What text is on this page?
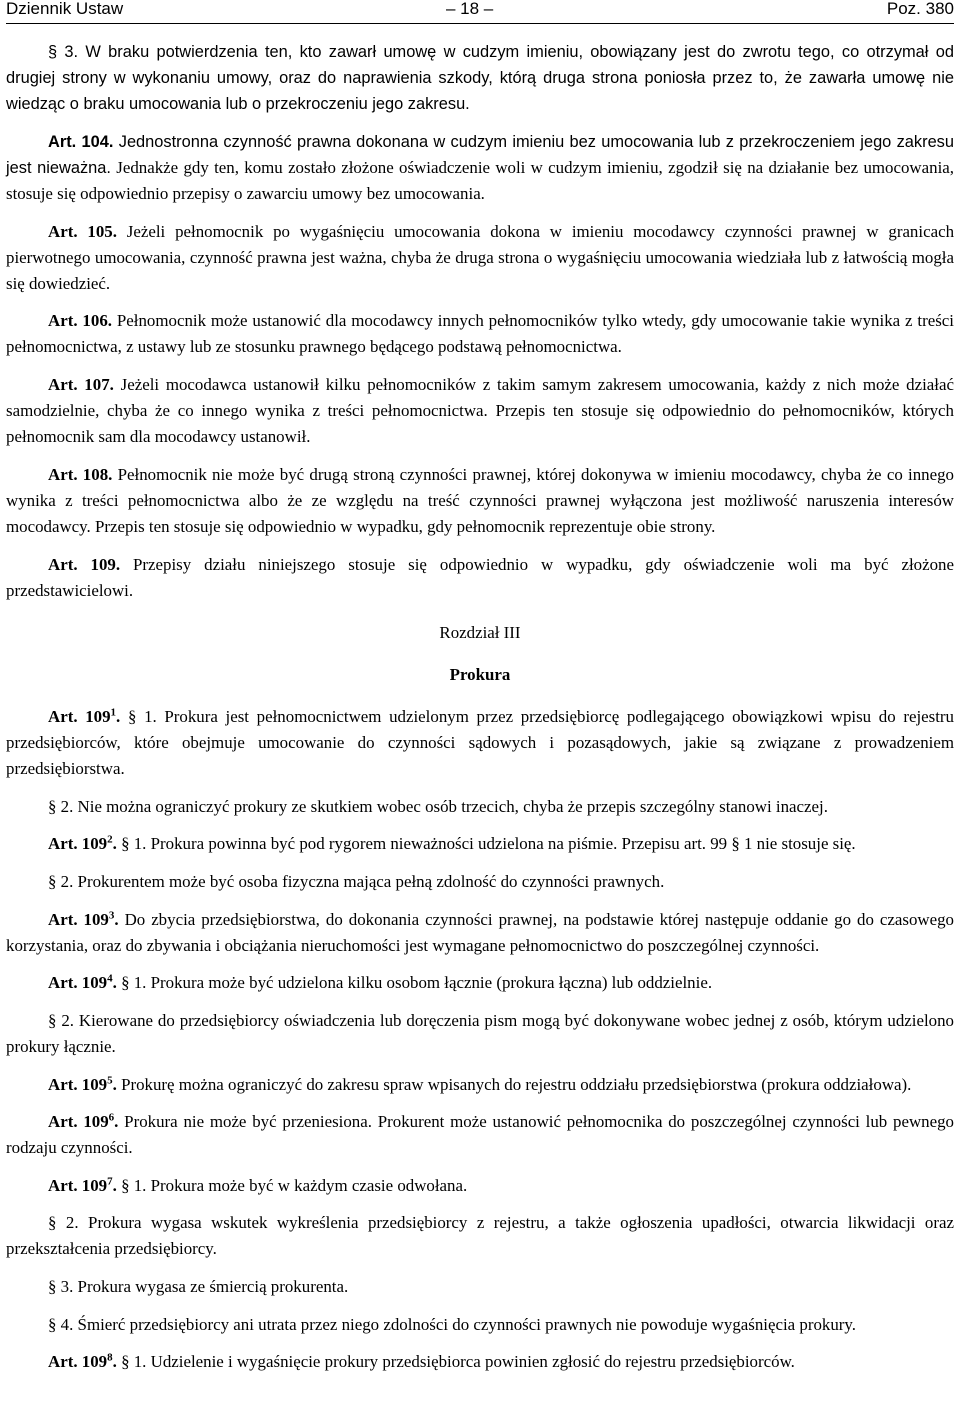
Dziennik Ustaw	– 18 –	Poz. 380

§ 3. W braku potwierdzenia ten, kto zawarł umowę w cudzym imieniu, obowiązany jest do zwrotu tego, co otrzymał od drugiej strony w wykonaniu umowy, oraz do naprawienia szkody, którą druga strona poniosła przez to, że zawarła umowę nie wiedząc o braku umocowania lub o przekroczeniu jego zakresu.

Art. 104. Jednostronna czynność prawna dokonana w cudzym imieniu bez umocowania lub z przekroczeniem jego zakresu jest nieważna. Jednakże gdy ten, komu zostało złożone oświadczenie woli w cudzym imieniu, zgodził się na działanie bez umocowania, stosuje się odpowiednio przepisy o zawarciu umowy bez umocowania.

Art. 105. Jeżeli pełnomocnik po wygaśnięciu umocowania dokona w imieniu mocodawcy czynności prawnej w granicach pierwotnego umocowania, czynność prawna jest ważna, chyba że druga strona o wygaśnięciu umocowania wiedziała lub z łatwością mogła się dowiedzieć.

Art. 106. Pełnomocnik może ustanowić dla mocodawcy innych pełnomocników tylko wtedy, gdy umocowanie takie wynika z treści pełnomocnictwa, z ustawy lub ze stosunku prawnego będącego podstawą pełnomocnictwa.

Art. 107. Jeżeli mocodawca ustanowił kilku pełnomocników z takim samym zakresem umocowania, każdy z nich może działać samodzielnie, chyba że co innego wynika z treści pełnomocnictwa. Przepis ten stosuje się odpowiednio do pełnomocników, których pełnomocnik sam dla mocodawcy ustanowił.

Art. 108. Pełnomocnik nie może być drugą stroną czynności prawnej, której dokonywa w imieniu mocodawcy, chyba że co innego wynika z treści pełnomocnictwa albo że ze względu na treść czynności prawnej wyłączona jest możliwość naruszenia interesów mocodawcy. Przepis ten stosuje się odpowiednio w wypadku, gdy pełnomocnik reprezentuje obie strony.

Art. 109. Przepisy działu niniejszego stosuje się odpowiednio w wypadku, gdy oświadczenie woli ma być złożone przedstawicielowi.

Rozdział III

Prokura

Art. $109^1$. § 1. Prokura jest pełnomocnictwem udzielonym przez przedsiębiorcę podlegającego obowiązkowi wpisu do rejestru przedsiębiorców, które obejmuje umocowanie do czynności sądowych i pozasądowych, jakie są związane z prowadzeniem przedsiębiorstwa.

§ 2. Nie można ograniczyć prokury ze skutkiem wobec osób trzecich, chyba że przepis szczególny stanowi inaczej.

Art. $109^2$. § 1. Prokura powinna być pod rygorem nieważności udzielona na piśmie. Przepisu art. 99 § 1 nie stosuje się.

§ 2. Prokurentem może być osoba fizyczna mająca pełną zdolność do czynności prawnych.

Art. $109^3$. Do zbycia przedsiębiorstwa, do dokonania czynności prawnej, na podstawie której następuje oddanie go do czasowego korzystania, oraz do zbywania i obciążania nieruchomości jest wymagane pełnomocnictwo do poszczególnej czynności.

Art. $109^4$. § 1. Prokura może być udzielona kilku osobom łącznie (prokura łączna) lub oddzielnie.

§ 2. Kierowane do przedsiębiorcy oświadczenia lub doręczenia pism mogą być dokonywane wobec jednej z osób, którym udzielono prokury łącznie.

Art. $109^5$. Prokurę można ograniczyć do zakresu spraw wpisanych do rejestru oddziału przedsiębiorstwa (prokura oddziałowa).

Art. $109^6$. Prokura nie może być przeniesiona. Prokurent może ustanowić pełnomocnika do poszczególnej czynności lub pewnego rodzaju czynności.

Art. $109^7$. § 1. Prokura może być w każdym czasie odwołana.

§ 2. Prokura wygasa wskutek wykreślenia przedsiębiorcy z rejestru, a także ogłoszenia upadłości, otwarcia likwidacji oraz przekształcenia przedsiębiorcy.

§ 3. Prokura wygasa ze śmiercią prokurenta.

§ 4. Śmierć przedsiębiorcy ani utrata przez niego zdolności do czynności prawnych nie powoduje wygaśnięcia prokury.

Art. $109^8$. § 1. Udzielenie i wygaśnięcie prokury przedsiębiorca powinien zgłosić do rejestru przedsiębiorców.
